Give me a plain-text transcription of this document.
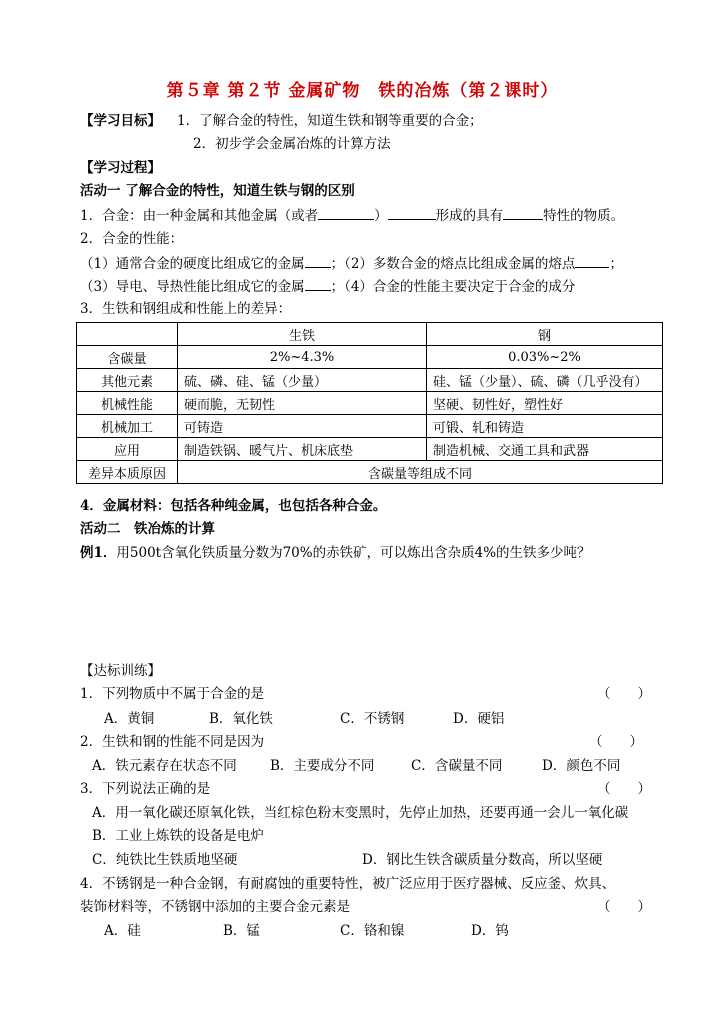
第５章 第２节 金属矿物　铁的冶炼（第２课时）
【学习目标】 1．了解合金的特性，知道生铁和钢等重要的合金；
2．初步学会金属冶炼的计算方法
【学习过程】
活动一 了解合金的特性，知道生铁与钢的区别
1．合金：由一种金属和其他金属（或者	）	形成的具有	特性的物质。
2．合金的性能：
（1）通常合金的硬度比组成它的金属 ；（2）多数合金的熔点比组成金属的熔点	；
（3）导电、导热性能比组成它的金属 ；（4）合金的性能主要决定于合金的成分
3．生铁和钢组成和性能上的差异：
	生铁	钢
含碳量	2%~4.3%	0.03%~2%
其他元素	硫、磷、硅、锰（少量）	硅、锰（少量）、硫、磷（几乎没有）
机械性能	硬而脆，无韧性	坚硬、韧性好，塑性好
机械加工	可铸造	可锻、轧和铸造
应用	制造铁锅、暖气片、机床底垫	制造机械、交通工具和武器
差异本质原因	含碳量等组成不同	
4．金属材料：包括各种纯金属，也包括各种合金。
活动二　铁冶炼的计算
例1．用500t含氧化铁质量分数为70%的赤铁矿，可以炼出含杂质4%的生铁多少吨？
【达标训练】
1．下列物质中不属于合金的是	（　　）
A．黄铜	B．氧化铁	C．不锈钢	D．硬铝
2．生铁和钢的性能不同是因为	（　　）
A．铁元素存在状态不同 B．主要成分不同	C．含碳量不同	D．颜色不同
3．下列说法正确的是	（　　）
A．用一氧化碳还原氧化铁，当红棕色粉末变黑时，先停止加热，还要再通一会儿一氧化碳
B．工业上炼铁的设备是电炉
C．纯铁比生铁质地坚硬	D．钢比生铁含碳质量分数高，所以坚硬
4．不锈钢是一种合金钢，有耐腐蚀的重要特性，被广泛应用于医疗器械、反应釜、炊具、
装饰材料等，不锈钢中添加的主要合金元素是	（　　）
A．硅	B．锰	C．铬和镍	D．钨
